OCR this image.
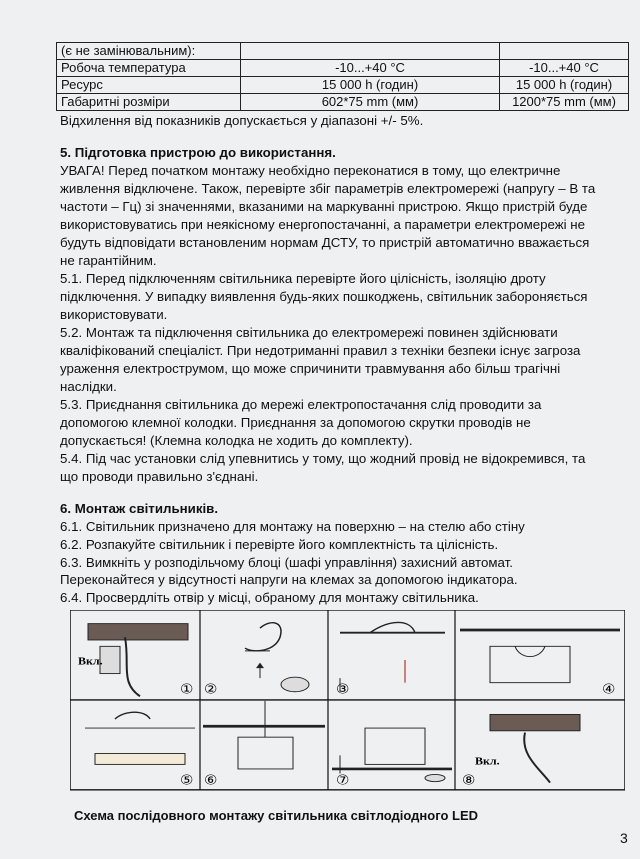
(є не замінювальним):		
Робоча температура	-10...+40 °C	-10...+40 °C
Ресурс	15 000 h (годин)	15 000 h (годин)
Габаритні розміри	602*75 mm (мм)	1200*75 mm (мм)
Відхилення від показників допускається у діапазоні +/- 5%.
5. Підготовка пристрою до використання.
УВАГА! Перед початком монтажу необхідно переконатися в тому, що електричне
живлення відключене. Також, перевірте збіг параметрів електромережі (напругу – В та
частоти – Гц) зі значеннями, вказаними на маркуванні пристрою. Якщо пристрій буде
використовуватись при неякісному енергопостачанні, а параметри електромережі не
будуть відповідати встановленим нормам ДСТУ, то пристрій автоматично вважається
не гарантійним.
5.1. Перед підключенням світильника перевірте його цілісність, ізоляцію дроту
підключення. У випадку виявлення будь-яких пошкоджень, світильник забороняється
використовувати.
5.2. Монтаж та підключення світильника до електромережі повинен здійснювати
кваліфікований спеціаліст. При недотриманні правил з техніки безпеки існує загроза
ураження електрострумом, що може спричинити травмування або більш трагічні
наслідки.
5.3. Приєднання світильника до мережі електропостачання слід проводити за
допомогою клемної колодки. Приєднання за допомогою скрутки проводів не
допускається! (Клемна колодка не ходить до комплекту).
5.4. Під час установки слід упевнитись у тому, що жодний провід не відокремився, та
що проводи правильно з'єднані.
6. Монтаж світильників.
6.1. Світильник призначено для монтажу на поверхню – на стелю або стіну
6.2. Розпакуйте світильник і перевірте його комплектність та цілісність.
6.3. Вимкніть у розподільчому блоці (шафі управління) захисний автомат.
Переконайтеся у відсутності напруги на клемах за допомогою індикатора.
Вкл.
Вкл.
① ②	③	④
⑤ ⑥	⑦	⑧
Схема послідовного монтажу світильника світлодіодного LED
3
6.4. Просвердліть отвір у місці, обраному для монтажу світильника.
